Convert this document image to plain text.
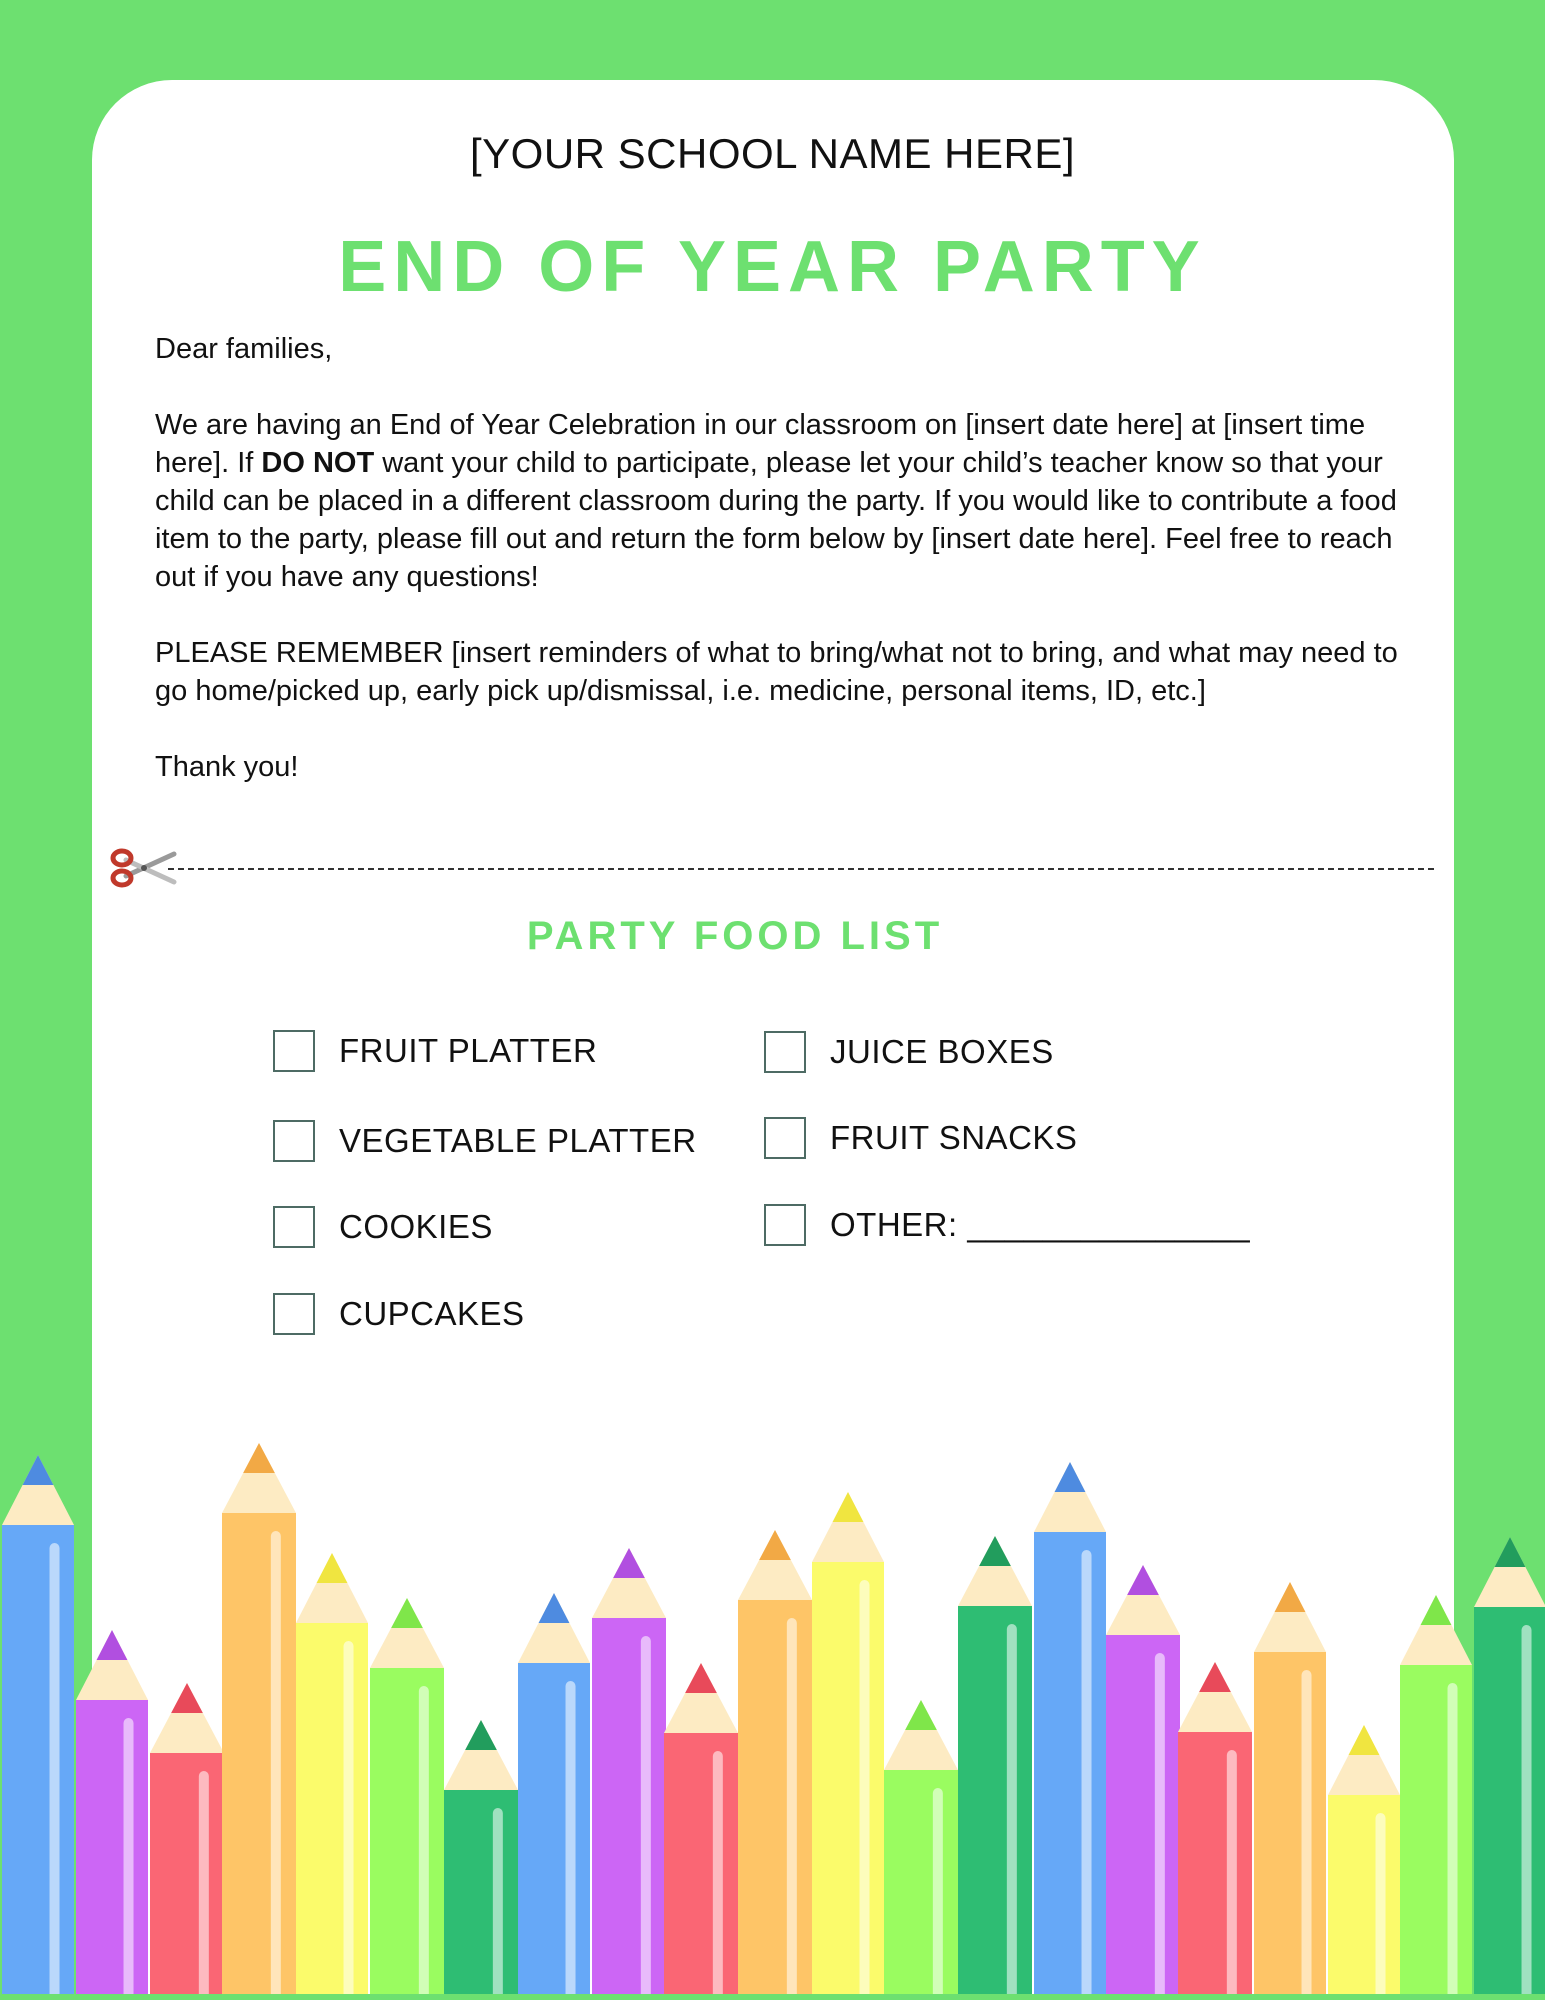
[YOUR SCHOOL NAME HERE]
END OF YEAR PARTY

Dear families,

We are having an End of Year Celebration in our classroom on [insert date here] at [insert time here]. If DO NOT want your child to participate, please let your child’s teacher know so that your child can be placed in a different classroom during the party. If you would like to contribute a food item to the party, please fill out and return the form below by [insert date here]. Feel free to reach out if you have any questions!

PLEASE REMEMBER [insert reminders of what to bring/what not to bring, and what may need to go home/picked up, early pick up/dismissal, i.e. medicine, personal items, ID, etc.]

Thank you!

PARTY FOOD LIST
FRUIT PLATTER
VEGETABLE PLATTER
COOKIES
CUPCAKES
JUICE BOXES
FRUIT SNACKS
OTHER: _______________
